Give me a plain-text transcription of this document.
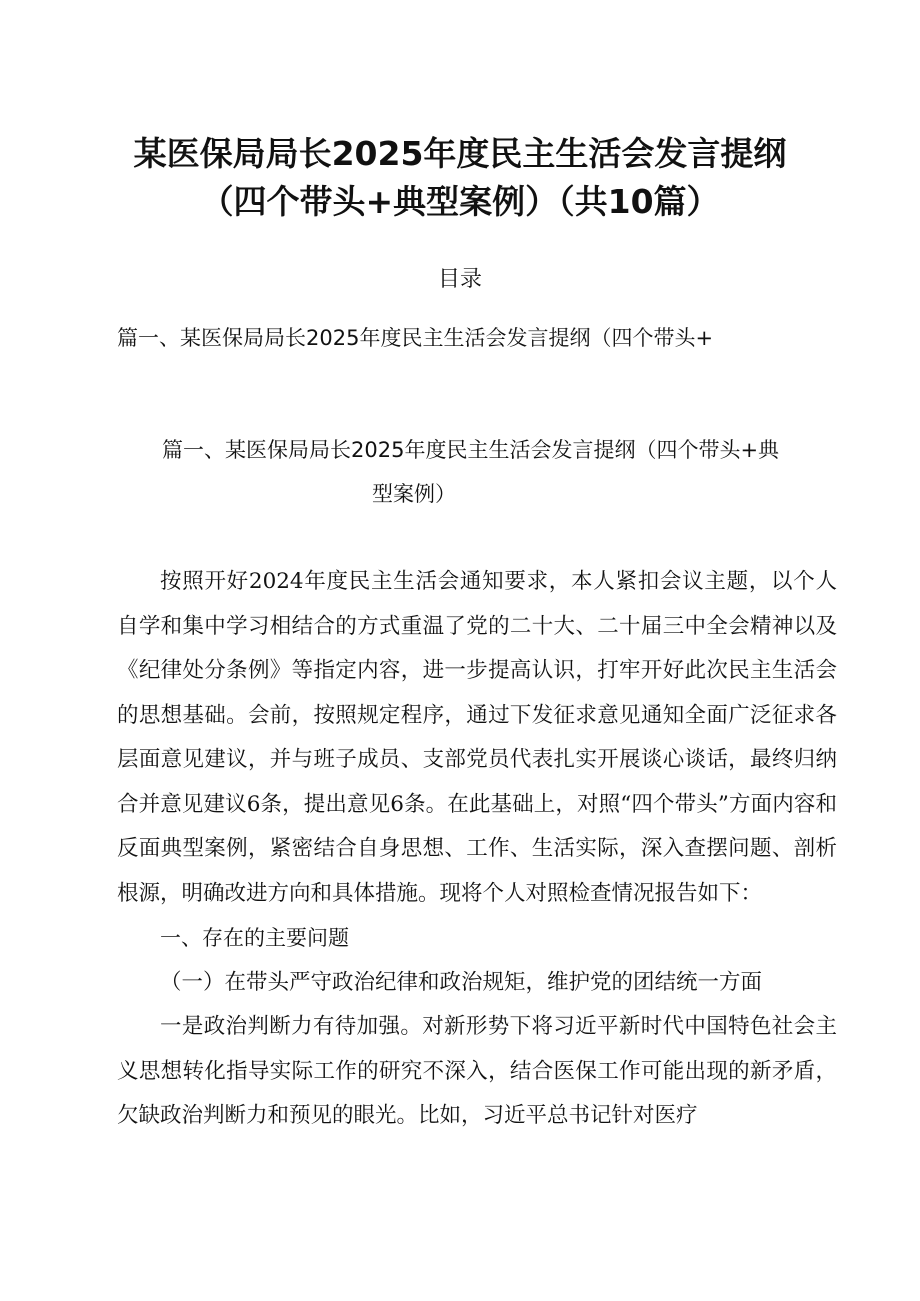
某医保局局长2025年度民主生活会发言提纲
（四个带头+典型案例）（共10篇）
目录
篇一、某医保局局长2025年度民主生活会发言提纲（四个带头+
篇一、某医保局局长2025年度民主生活会发言提纲（四个带头+典
型案例）

按照开好2024年度民主生活会通知要求，本人紧扣会议主题，以个人自学和集中学习相结合的方式重温了党的二十大、二十届三中全会精神以及《纪律处分条例》等指定内容，进一步提高认识，打牢开好此次民主生活会的思想基础。会前，按照规定程序，通过下发征求意见通知全面广泛征求各层面意见建议，并与班子成员、支部党员代表扎实开展谈心谈话，最终归纳合并意见建议6条，提出意见6条。在此基础上，对照“四个带头”方面内容和反面典型案例，紧密结合自身思想、工作、生活实际，深入查摆问题、剖析根源，明确改进方向和具体措施。现将个人对照检查情况报告如下：

一、存在的主要问题

（一）在带头严守政治纪律和政治规矩，维护党的团结统一方面

一是政治判断力有待加强。对新形势下将习近平新时代中国特色社会主义思想转化指导实际工作的研究不深入，结合医保工作可能出现的新矛盾，欠缺政治判断力和预见的眼光。比如，习近平总书记针对医疗
